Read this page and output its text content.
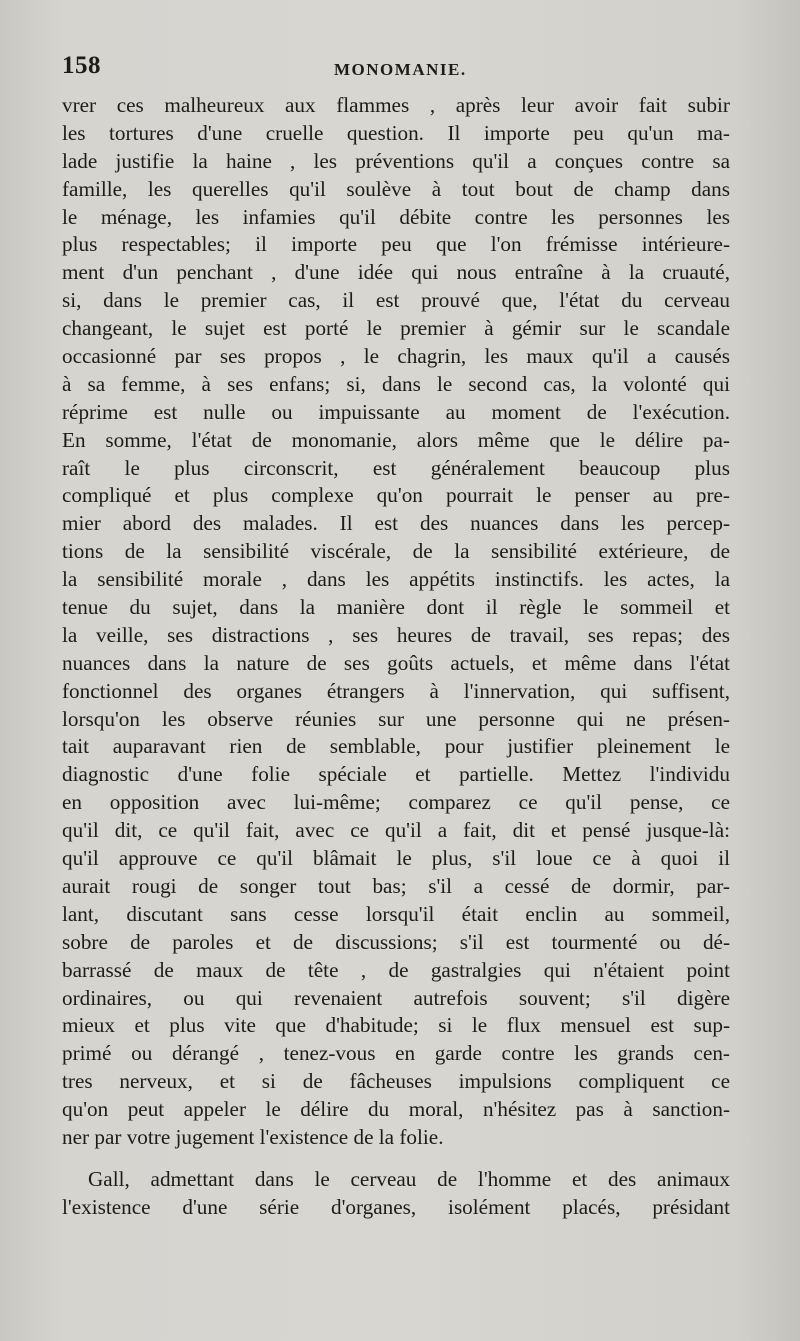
158	MONOMANIE.
vrer ces malheureux aux flammes , après leur avoir fait subir
les tortures d'une cruelle question. Il importe peu qu'un ma-
lade justifie la haine , les préventions qu'il a conçues contre sa
famille, les querelles qu'il soulève à tout bout de champ dans
le ménage, les infamies qu'il débite contre les personnes les
plus respectables; il importe peu que l'on frémisse intérieure-
ment d'un penchant , d'une idée qui nous entraîne à la cruauté,
si, dans le premier cas, il est prouvé que, l'état du cerveau
changeant, le sujet est porté le premier à gémir sur le scandale
occasionné par ses propos , le chagrin, les maux qu'il a causés
à sa femme, à ses enfans; si, dans le second cas, la volonté qui
réprime est nulle ou impuissante au moment de l'exécution.
En somme, l'état de monomanie, alors même que le délire pa-
raît le plus circonscrit, est généralement beaucoup plus
compliqué et plus complexe qu'on pourrait le penser au pre-
mier abord des malades. Il est des nuances dans les percep-
tions de la sensibilité viscérale, de la sensibilité extérieure, de
la sensibilité morale , dans les appétits instinctifs. les actes, la
tenue du sujet, dans la manière dont il règle le sommeil et
la veille, ses distractions , ses heures de travail, ses repas; des
nuances dans la nature de ses goûts actuels, et même dans l'état
fonctionnel des organes étrangers à l'innervation, qui suffisent,
lorsqu'on les observe réunies sur une personne qui ne présen-
tait auparavant rien de semblable, pour justifier pleinement le
diagnostic d'une folie spéciale et partielle. Mettez l'individu
en opposition avec lui-même; comparez ce qu'il pense, ce
qu'il dit, ce qu'il fait, avec ce qu'il a fait, dit et pensé jusque-là:
qu'il approuve ce qu'il blâmait le plus, s'il loue ce à quoi il
aurait rougi de songer tout bas; s'il a cessé de dormir, par-
lant, discutant sans cesse lorsqu'il était enclin au sommeil,
sobre de paroles et de discussions; s'il est tourmenté ou dé-
barrassé de maux de tête , de gastralgies qui n'étaient point
ordinaires, ou qui revenaient autrefois souvent; s'il digère
mieux et plus vite que d'habitude; si le flux mensuel est sup-
primé ou dérangé , tenez-vous en garde contre les grands cen-
tres nerveux, et si de fâcheuses impulsions compliquent ce
qu'on peut appeler le délire du moral, n'hésitez pas à sanction-
ner par votre jugement l'existence de la folie.
Gall, admettant dans le cerveau de l'homme et des animaux
l'existence d'une série d'organes, isolément placés, présidant
